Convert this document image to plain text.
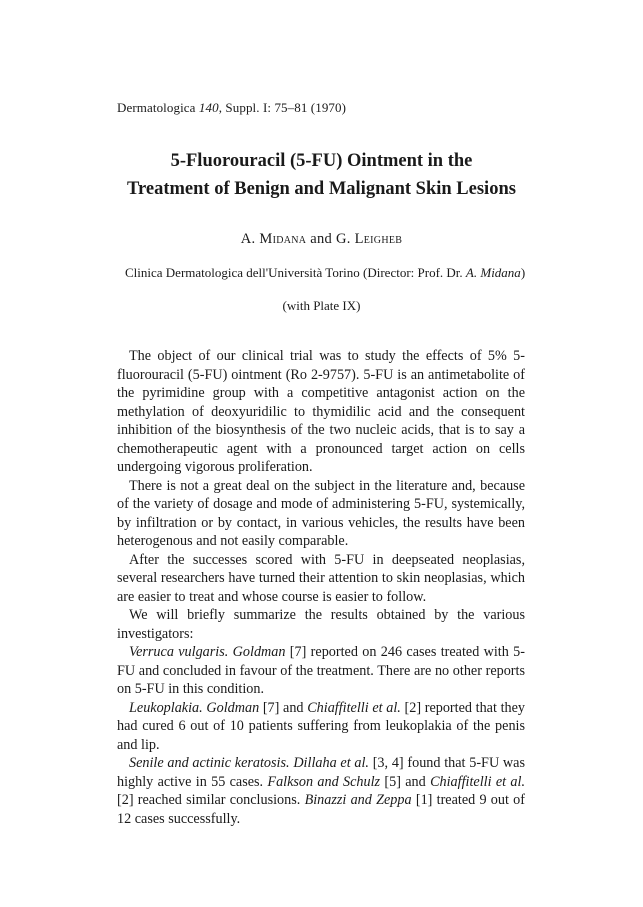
Dermatologica 140, Suppl. I: 75–81 (1970)
5-Fluorouracil (5-FU) Ointment in the
Treatment of Benign and Malignant Skin Lesions
A. Midana and G. Leigheb
Clinica Dermatologica dell'Università Torino (Director: Prof. Dr. A. Midana)
(with Plate IX)

The object of our clinical trial was to study the effects of 5% 5-fluorouracil (5-FU) ointment (Ro 2-9757). 5-FU is an antimetabolite of the pyrimidine group with a competitive antagonist action on the methylation of deoxyuridilic to thymidilic acid and the consequent inhibition of the biosynthesis of the two nucleic acids, that is to say a chemotherapeutic agent with a pronounced target action on cells undergoing vigorous proliferation.

There is not a great deal on the subject in the literature and, because of the variety of dosage and mode of administering 5-FU, systemically, by infiltration or by contact, in various vehicles, the results have been heterogenous and not easily comparable.

After the successes scored with 5-FU in deepseated neoplasias, several researchers have turned their attention to skin neoplasias, which are easier to treat and whose course is easier to follow.

We will briefly summarize the results obtained by the various investigators:

Verruca vulgaris. Goldman [7] reported on 246 cases treated with 5-FU and concluded in favour of the treatment. There are no other reports on 5-FU in this condition.

Leukoplakia. Goldman [7] and Chiaffitelli et al. [2] reported that they had cured 6 out of 10 patients suffering from leukoplakia of the penis and lip.

Senile and actinic keratosis. Dillaha et al. [3, 4] found that 5-FU was highly active in 55 cases. Falkson and Schulz [5] and Chiaffitelli et al. [2] reached similar conclusions. Binazzi and Zeppa [1] treated 9 out of 12 cases successfully.
